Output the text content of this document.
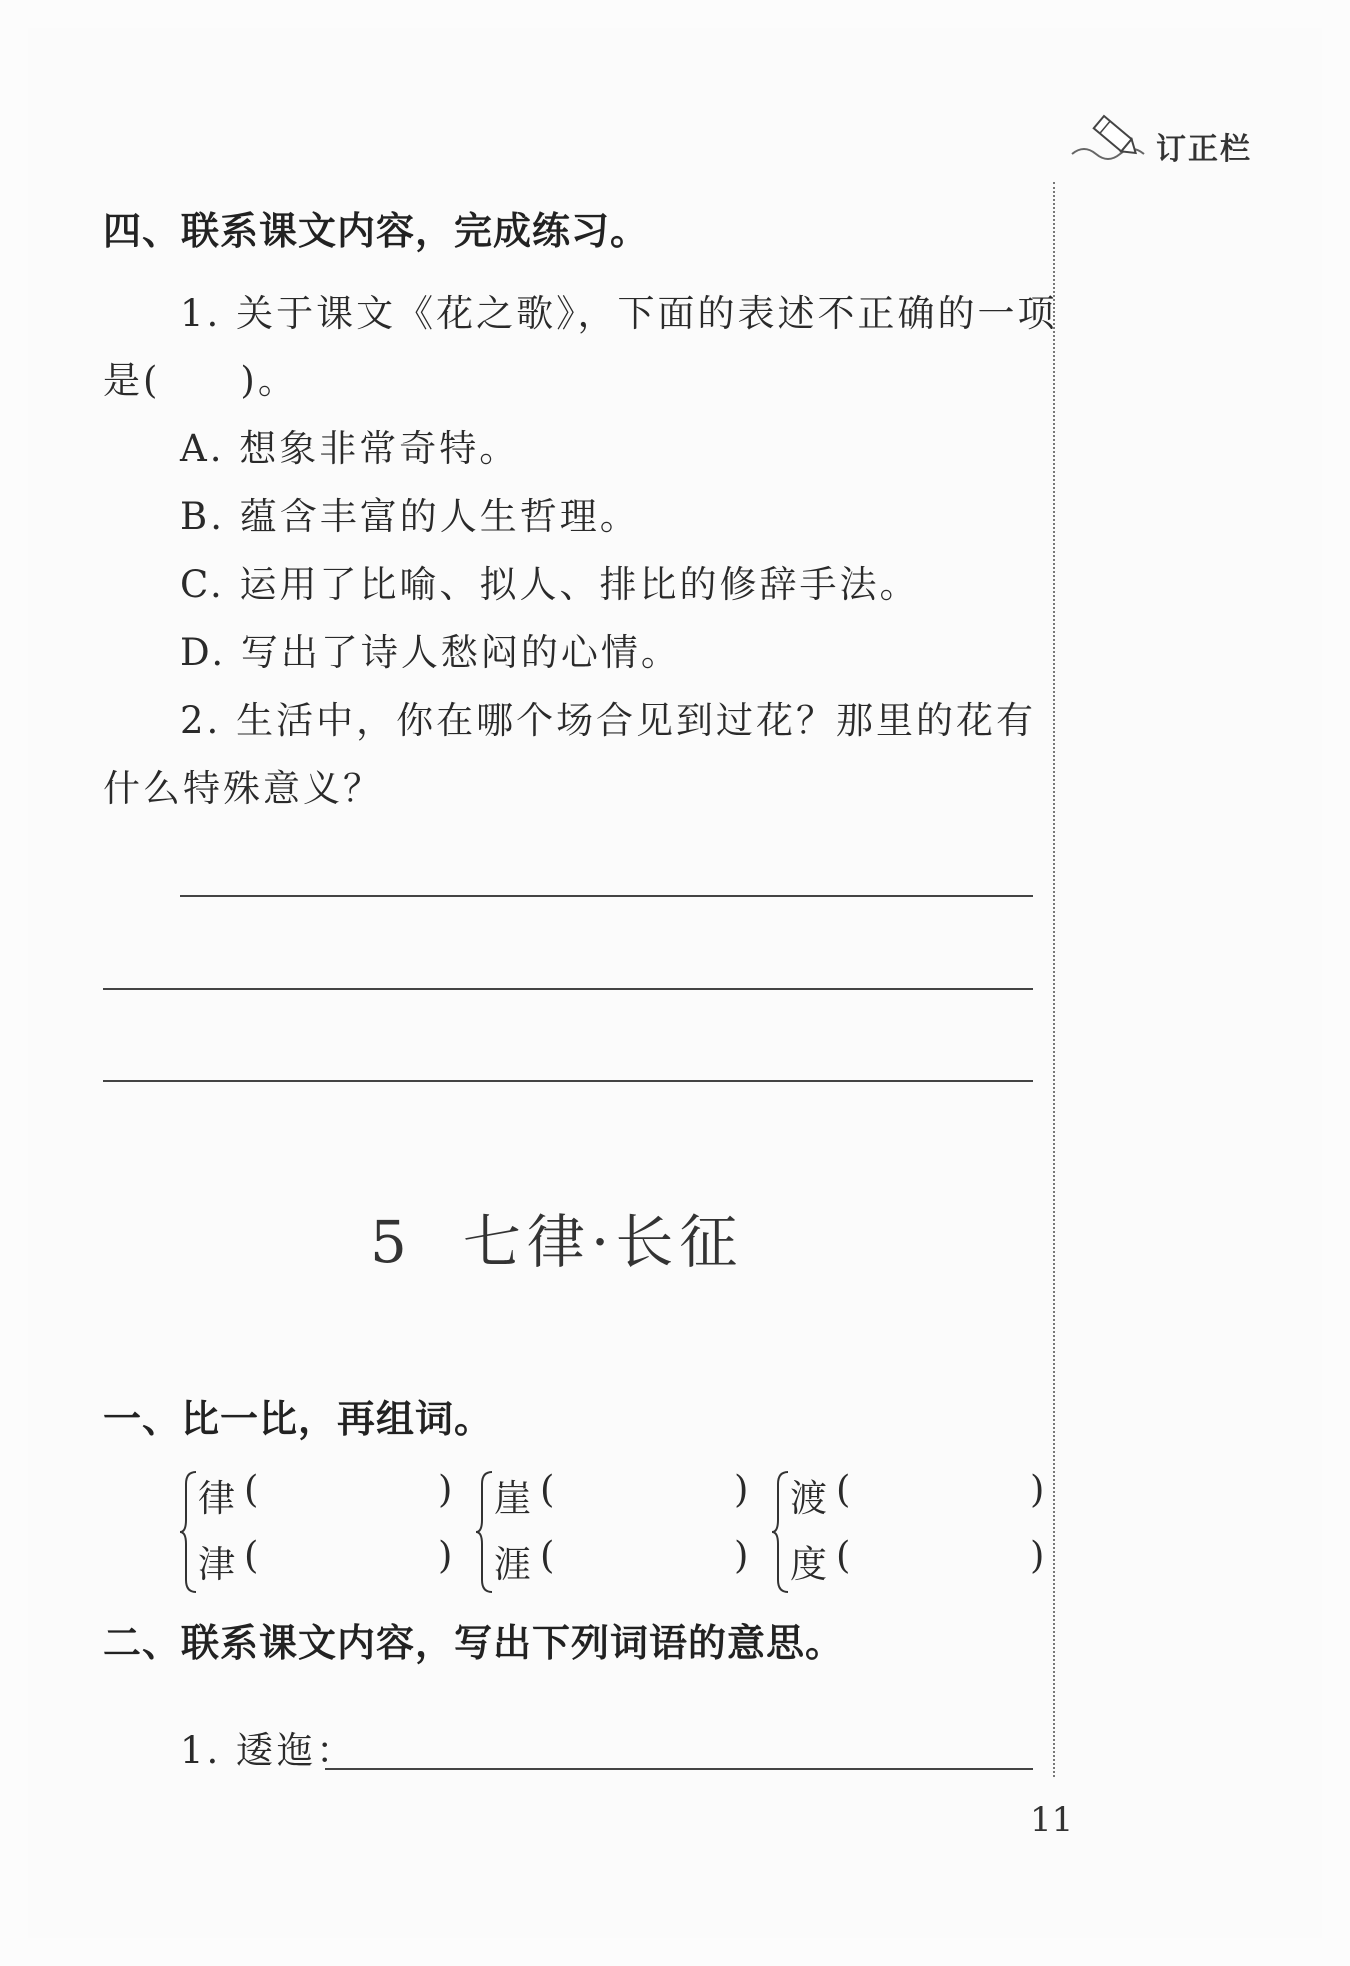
订正栏
四、联系课文内容，完成练习。
1. 关于课文《花之歌》，下面的表述不正确的一项
是(　　)。
A. 想象非常奇特。
B. 蕴含丰富的人生哲理。
C. 运用了比喻、拟人、排比的修辞手法。
D. 写出了诗人愁闷的心情。
2. 生活中，你在哪个场合见到过花？那里的花有
什么特殊意义？
5 七律·长征
一、比一比，再组词。
律 (	)
津 (	)
崖 (	)
涯 (	)
渡 (	)
度 (	)
二、联系课文内容，写出下列词语的意思。
1. 逶迤：
11
